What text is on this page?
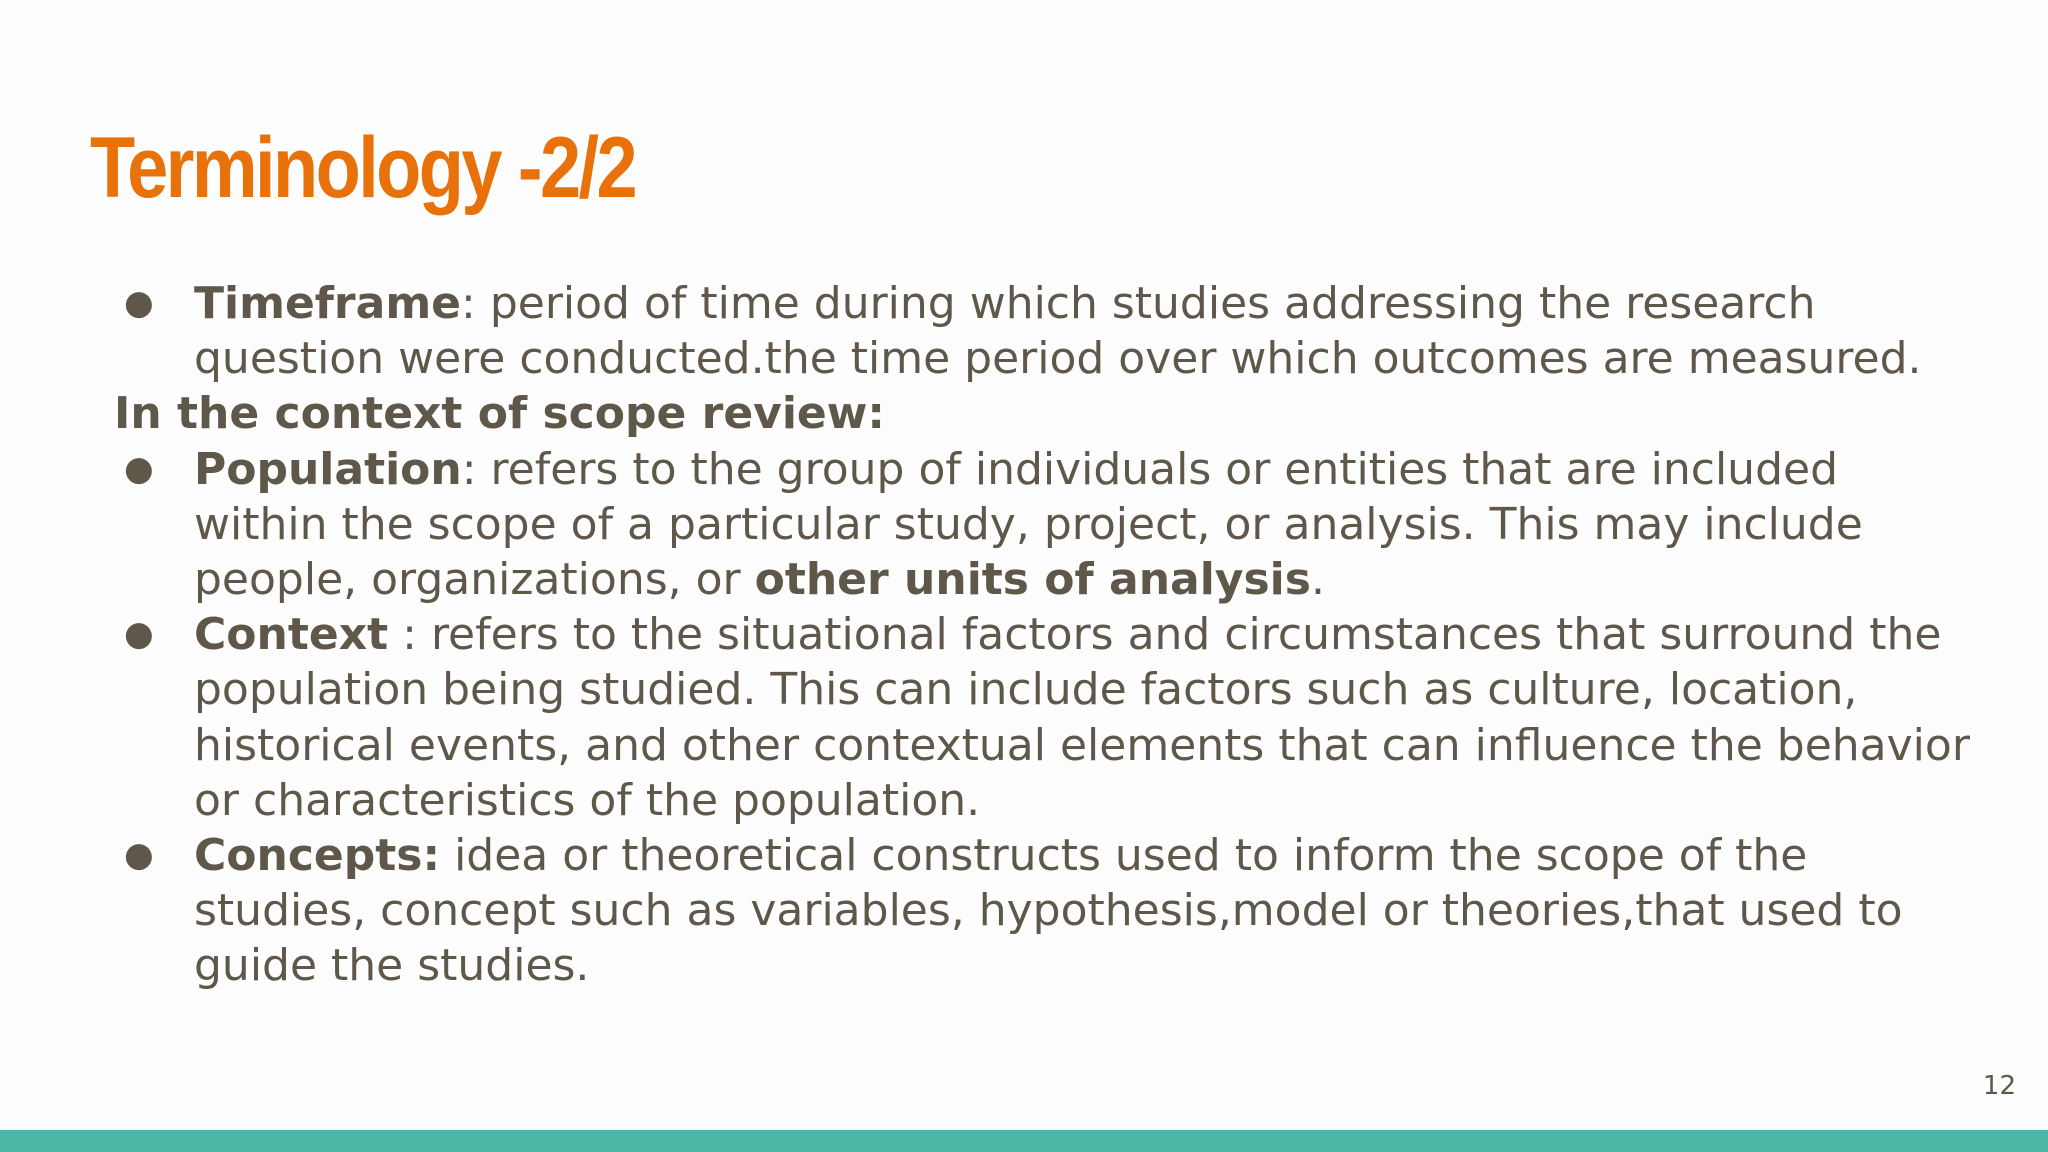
Terminology -2/2
● Timeframe: period of time during which studies addressing the research
question were conducted.the time period over which outcomes are measured.
In the context of scope review:
● Population: refers to the group of individuals or entities that are included
within the scope of a particular study, project, or analysis. This may include
people, organizations, or other units of analysis.
● Context : refers to the situational factors and circumstances that surround the
population being studied. This can include factors such as culture, location,
historical events, and other contextual elements that can influence the behavior
or characteristics of the population.
● Concepts: idea or theoretical constructs used to inform the scope of the
studies, concept such as variables, hypothesis,model or theories,that used to
guide the studies.
12
